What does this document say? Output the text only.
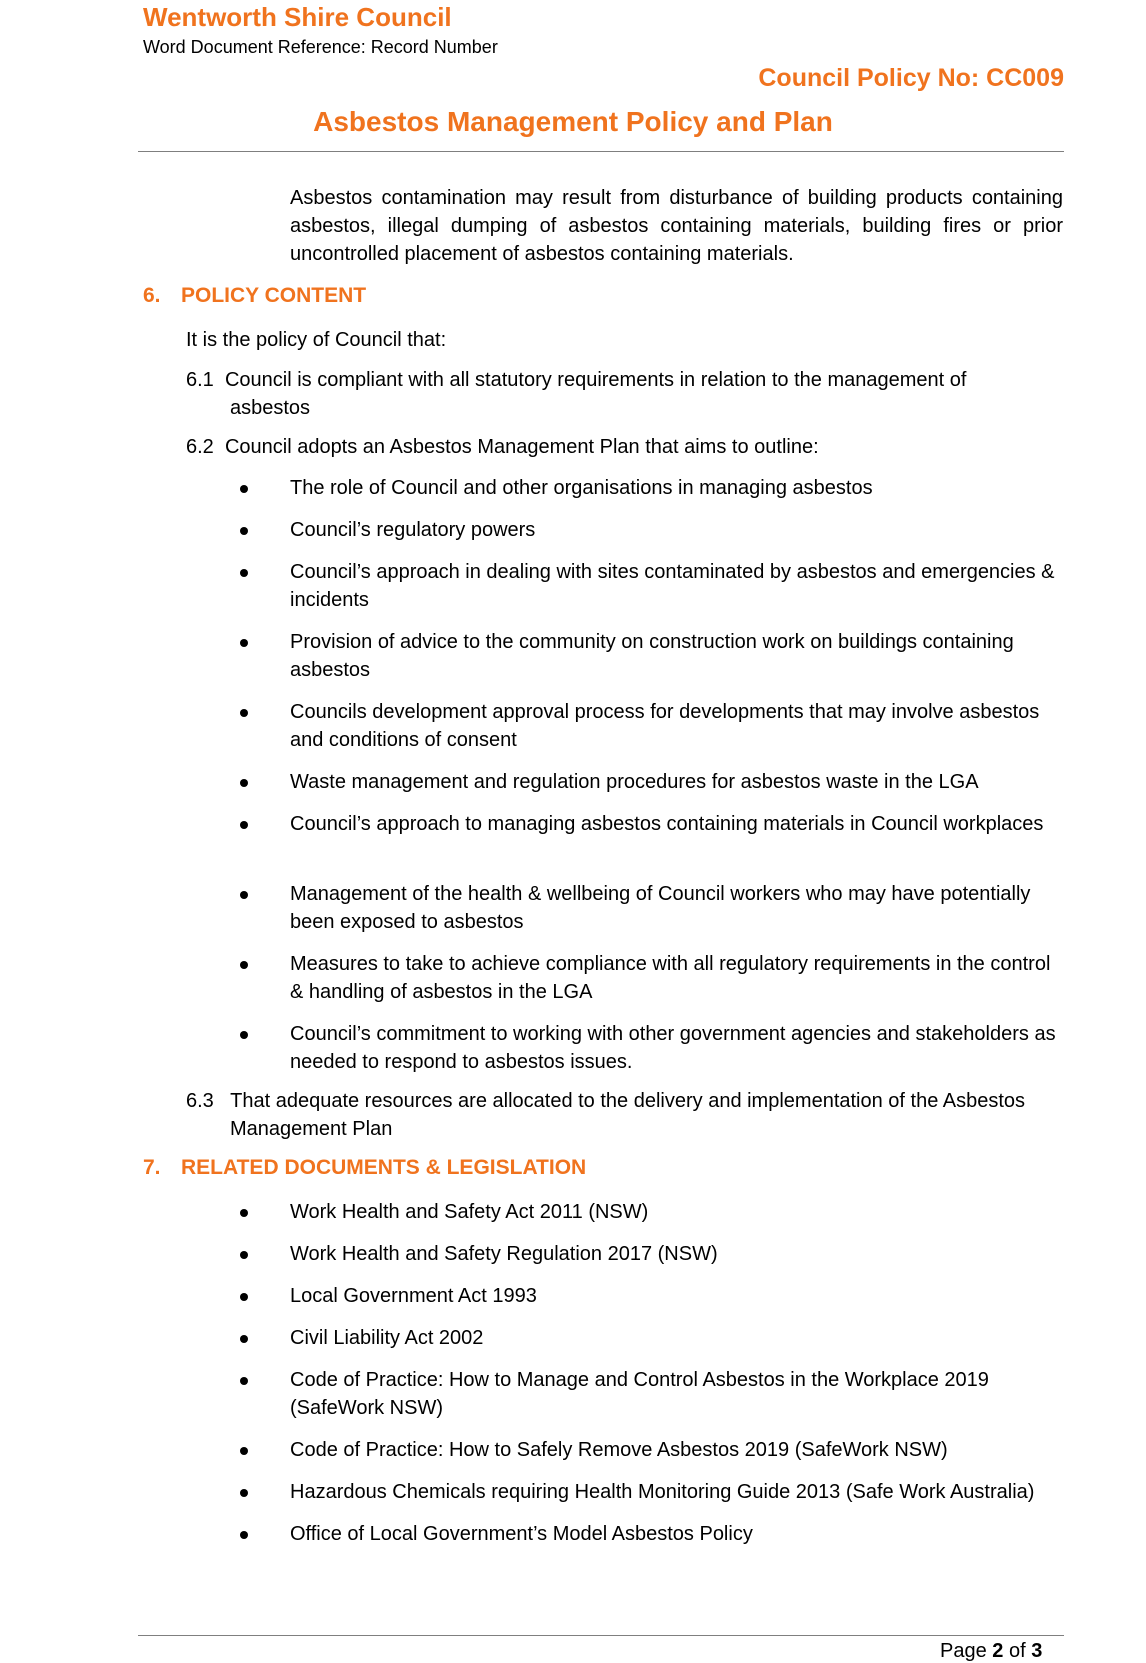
Wentworth Shire Council
Word Document Reference: Record Number
Council Policy No: CC009
Asbestos Management Policy and Plan
Asbestos contamination may result from disturbance of building products containing asbestos, illegal dumping of asbestos containing materials, building fires or prior uncontrolled placement of asbestos containing materials.
6. POLICY CONTENT
It is the policy of Council that:
6.1 Council is compliant with all statutory requirements in relation to the management of
asbestos
6.2 Council adopts an Asbestos Management Plan that aims to outline:
The role of Council and other organisations in managing asbestos
Council’s regulatory powers
Council’s approach in dealing with sites contaminated by asbestos and emergencies & incidents
Provision of advice to the community on construction work on buildings containing asbestos
Councils development approval process for developments that may involve asbestos and conditions of consent
Waste management and regulation procedures for asbestos waste in the LGA
Council’s approach to managing asbestos containing materials in Council workplaces
Management of the health & wellbeing of Council workers who may have potentially been exposed to asbestos
Measures to take to achieve compliance with all regulatory requirements in the control & handling of asbestos in the LGA
Council’s commitment to working with other government agencies and stakeholders as needed to respond to asbestos issues.
6.3 That adequate resources are allocated to the delivery and implementation of the Asbestos
Management Plan
7. RELATED DOCUMENTS & LEGISLATION
Work Health and Safety Act 2011 (NSW)
Work Health and Safety Regulation 2017 (NSW)
Local Government Act 1993
Civil Liability Act 2002
Code of Practice: How to Manage and Control Asbestos in the Workplace 2019 (SafeWork NSW)
Code of Practice: How to Safely Remove Asbestos 2019 (SafeWork NSW)
Hazardous Chemicals requiring Health Monitoring Guide 2013 (Safe Work Australia)
Office of Local Government’s Model Asbestos Policy
Page 2 of 3
